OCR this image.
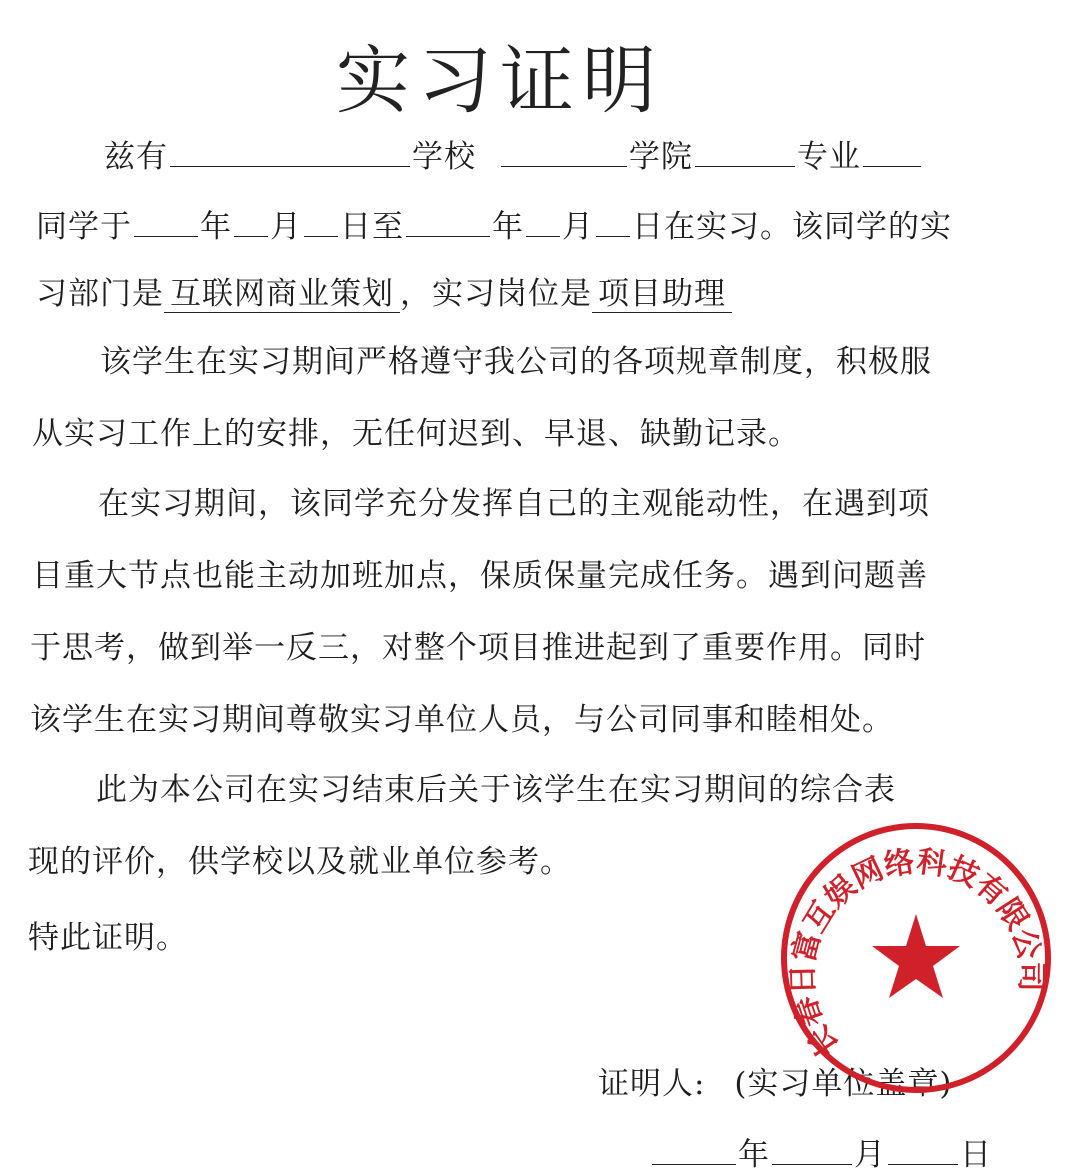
实习证明
兹有	学校	学院	专业
同学于 年 月 日至	年 月 日在实习。该同学的实
习部门是 互联网商业策划 ，实习岗位是 项目助理
该学生在实习期间严格遵守我公司的各项规章制度，积极服
从实习工作上的安排，无任何迟到、早退、缺勤记录。
在实习期间，该同学充分发挥自己的主观能动性，在遇到项
目重大节点也能主动加班加点，保质保量完成任务。遇到问题善
于思考，做到举一反三，对整个项目推进起到了重要作用。同时
该学生在实习期间尊敬实习单位人员，与公司同事和睦相处。
此为本公司在实习结束后关于该学生在实习期间的综合表
现的评价，供学校以及就业单位参考。
特此证明。
证明人: (实习单位盖章)
年	月 日
长春日富互娱网络科技有限公司
